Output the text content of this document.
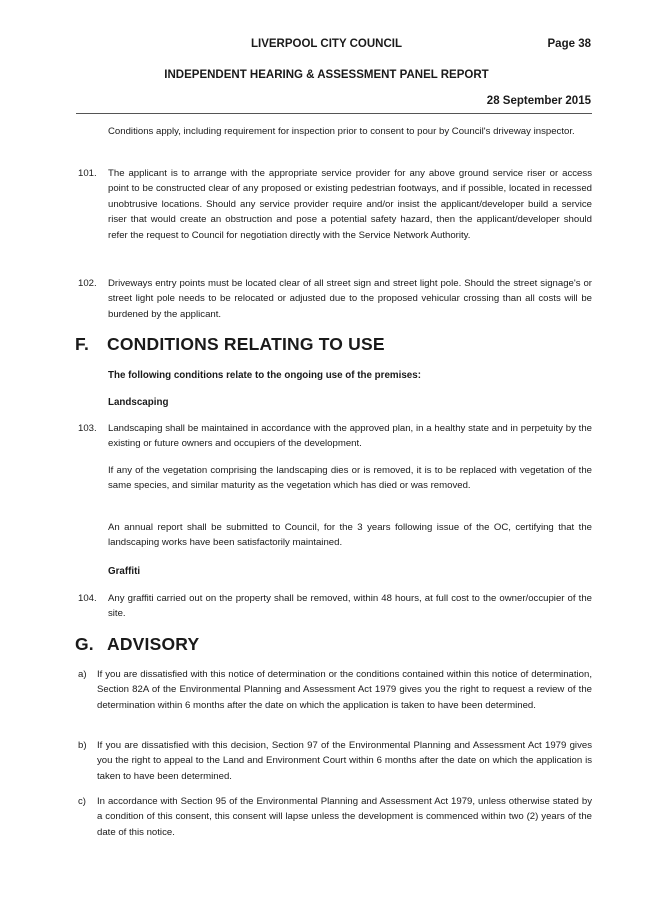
LIVERPOOL CITY COUNCIL	Page 38
INDEPENDENT HEARING & ASSESSMENT PANEL REPORT
28 September 2015
Conditions apply, including requirement for inspection prior to consent to pour by Council's driveway inspector.
101. The applicant is to arrange with the appropriate service provider for any above ground service riser or access point to be constructed clear of any proposed or existing pedestrian footways, and if possible, located in recessed unobtrusive locations. Should any service provider require and/or insist the applicant/developer build a service riser that would create an obstruction and pose a potential safety hazard, then the applicant/developer should refer the request to Council for negotiation directly with the Service Network Authority.
102. Driveways entry points must be located clear of all street sign and street light pole. Should the street signage's or street light pole needs to be relocated or adjusted due to the proposed vehicular crossing than all costs will be burdened by the applicant.
F. CONDITIONS RELATING TO USE
The following conditions relate to the ongoing use of the premises:
Landscaping
103. Landscaping shall be maintained in accordance with the approved plan, in a healthy state and in perpetuity by the existing or future owners and occupiers of the development.
If any of the vegetation comprising the landscaping dies or is removed, it is to be replaced with vegetation of the same species, and similar maturity as the vegetation which has died or was removed.
An annual report shall be submitted to Council, for the 3 years following issue of the OC, certifying that the landscaping works have been satisfactorily maintained.
Graffiti
104. Any graffiti carried out on the property shall be removed, within 48 hours, at full cost to the owner/occupier of the site.
G. ADVISORY
a) If you are dissatisfied with this notice of determination or the conditions contained within this notice of determination, Section 82A of the Environmental Planning and Assessment Act 1979 gives you the right to request a review of the determination within 6 months after the date on which the application is taken to have been determined.
b) If you are dissatisfied with this decision, Section 97 of the Environmental Planning and Assessment Act 1979 gives you the right to appeal to the Land and Environment Court within 6 months after the date on which the application is taken to have been determined.
c) In accordance with Section 95 of the Environmental Planning and Assessment Act 1979, unless otherwise stated by a condition of this consent, this consent will lapse unless the development is commenced within two (2) years of the date of this notice.
